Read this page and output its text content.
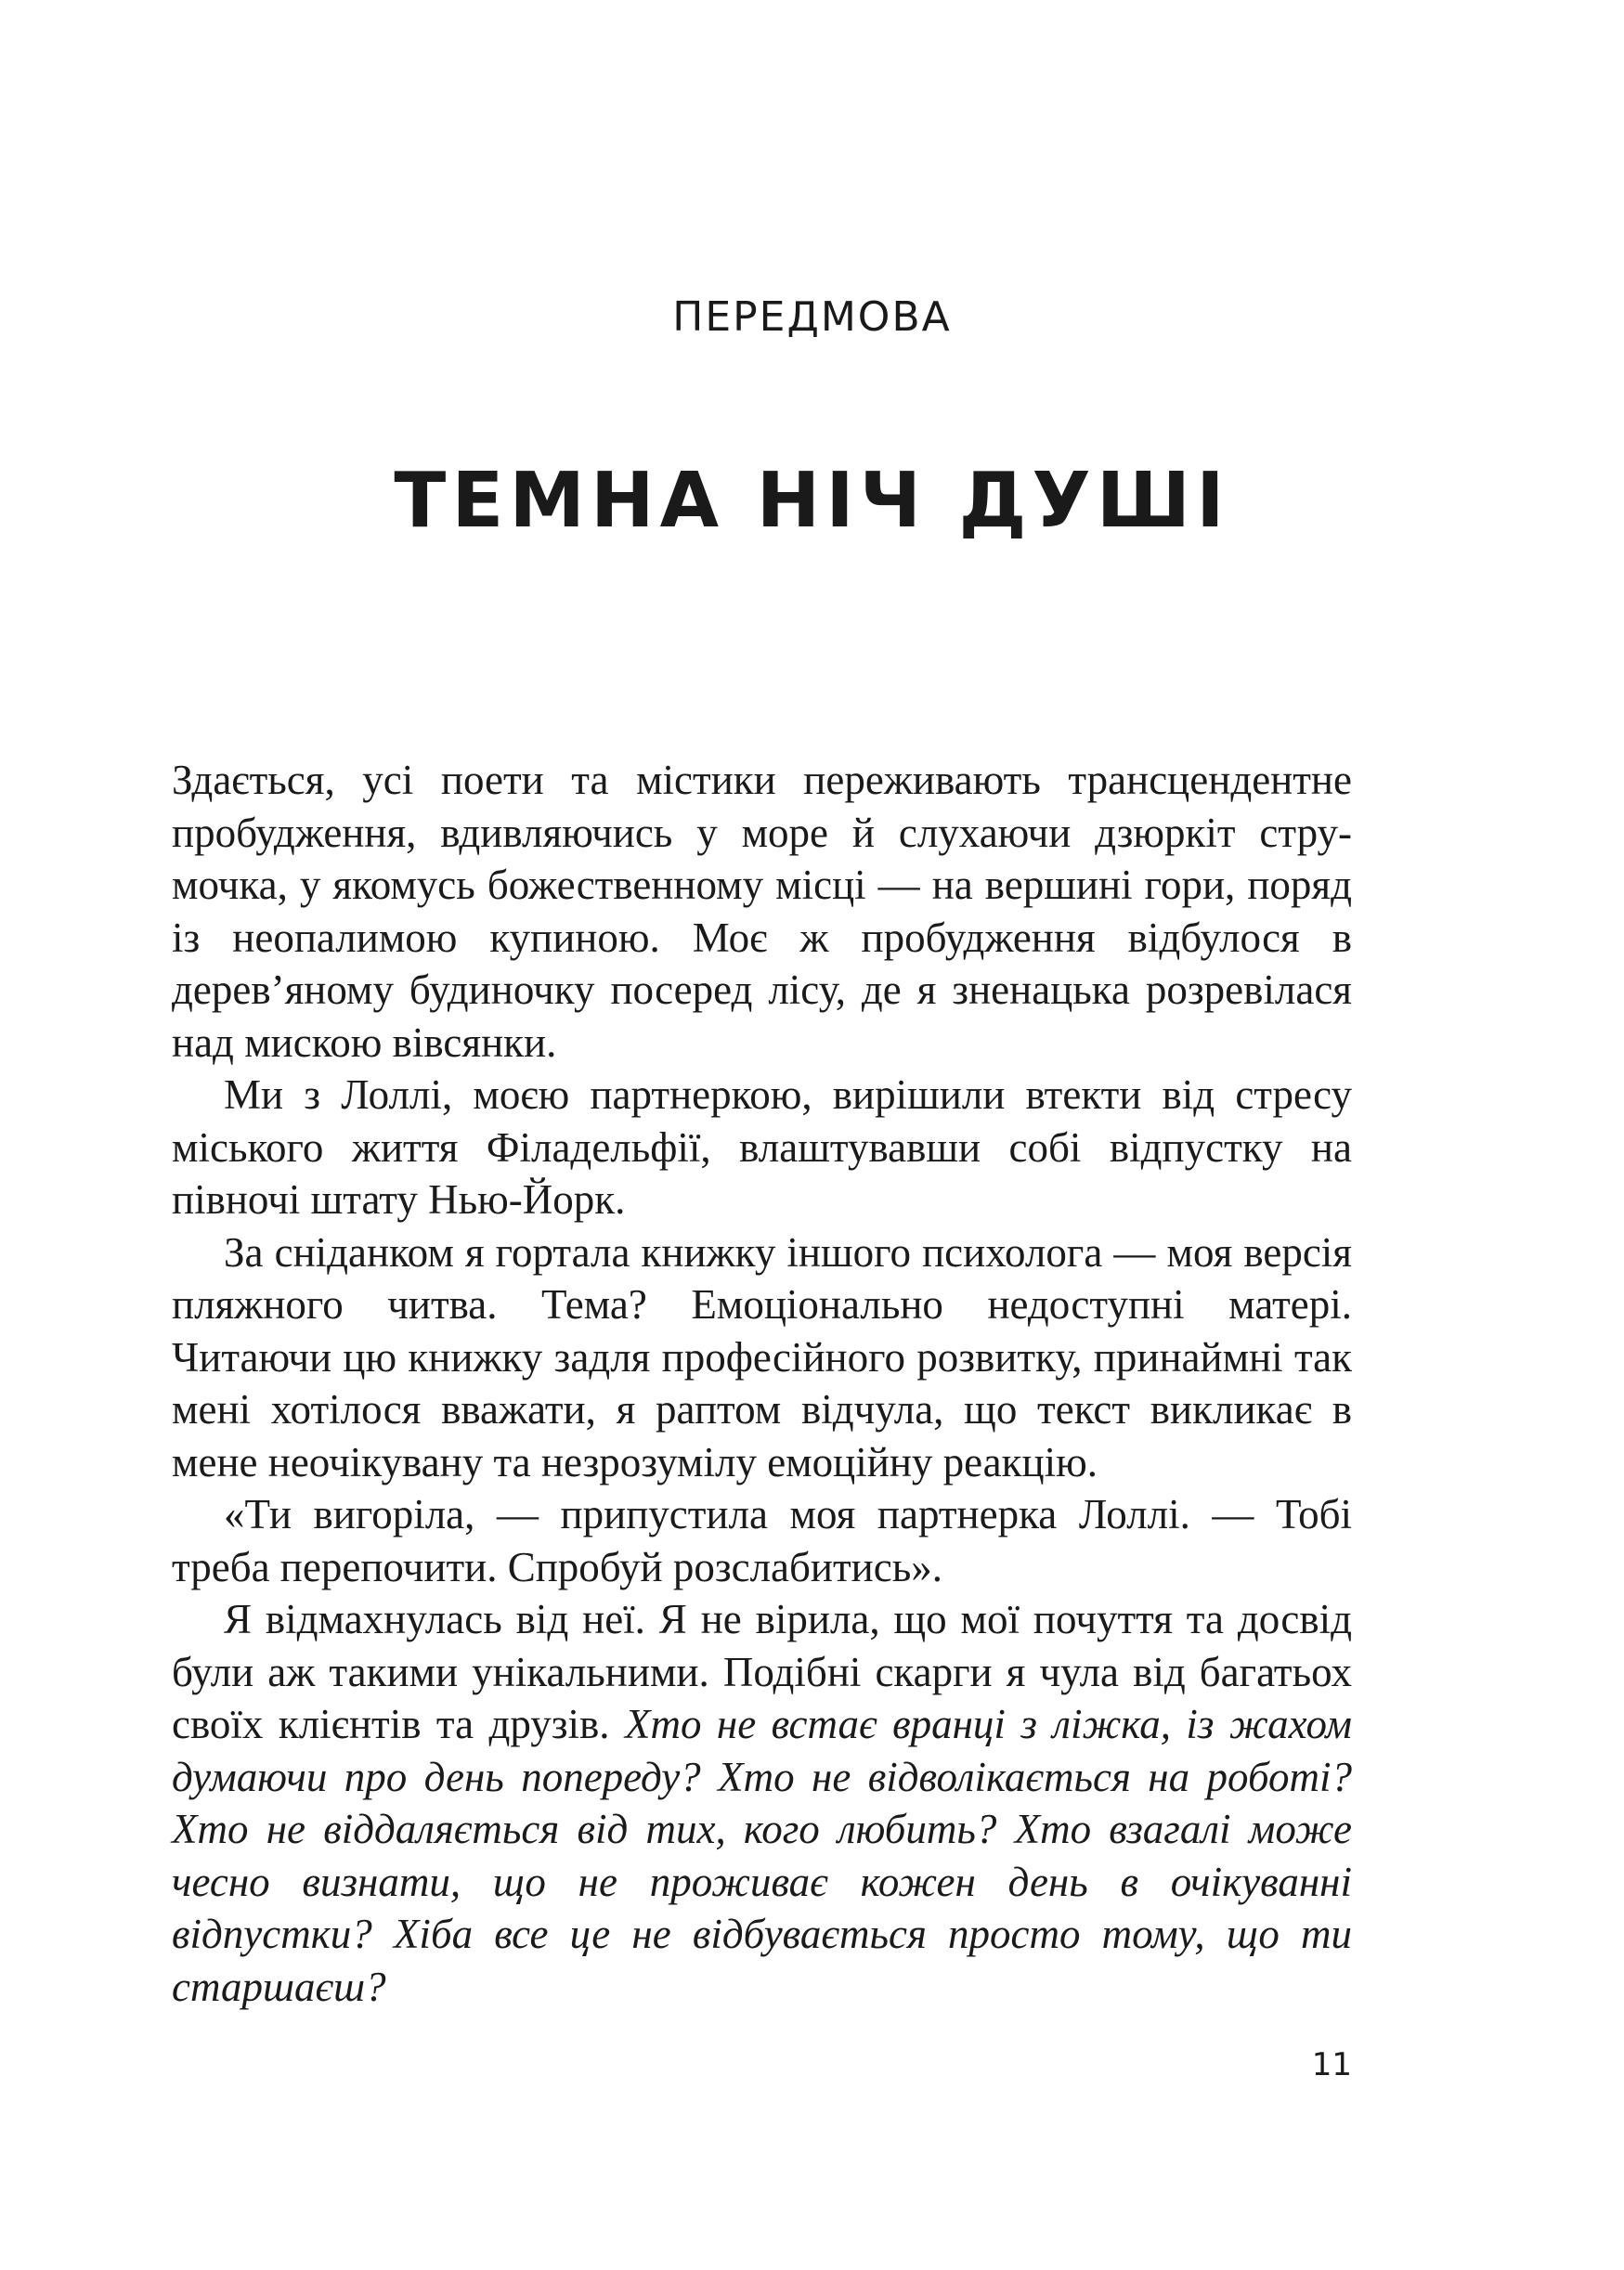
ПЕРЕДМОВА
ТЕМНА НІЧ ДУШІ

Здається, усі поети та містики переживають трансцендентне пробудження, вдивляючись у море й слухаючи дзюркіт струмочка, у якомусь божественному місці — на вершині гори, поряд із неопалимою купиною. Моє ж пробудження відбулося в дерев’яному будиночку посеред лісу, де я зненацька розревілася над мискою вівсянки.

Ми з Лоллі, моєю партнеркою, вирішили втекти від стресу міського життя Філадельфії, влаштувавши собі відпустку на півночі штату Нью-Йорк.

За сніданком я гортала книжку іншого психолога — моя версія пляжного читва. Тема? Емоціонально недоступні матері. Читаючи цю книжку задля професійного розвитку, принаймні так мені хотілося вважати, я раптом відчула, що текст викликає в мене неочікувану та незрозумілу емоційну реакцію.

«Ти вигоріла, — припустила моя партнерка Лоллі. — Тобі треба перепочити. Спробуй розслабитись».

Я відмахнулась від неї. Я не вірила, що мої почуття та досвід були аж такими унікальними. Подібні скарги я чула від багатьох своїх клієнтів та друзів. Хто не встає вранці з ліжка, із жахом думаючи про день попереду? Хто не відволікається на роботі? Хто не віддаляється від тих, кого любить? Хто взагалі може чесно визнати, що не проживає кожен день в очікуванні відпустки? Хіба все це не відбувається просто тому, що ти старшаєш?

11
